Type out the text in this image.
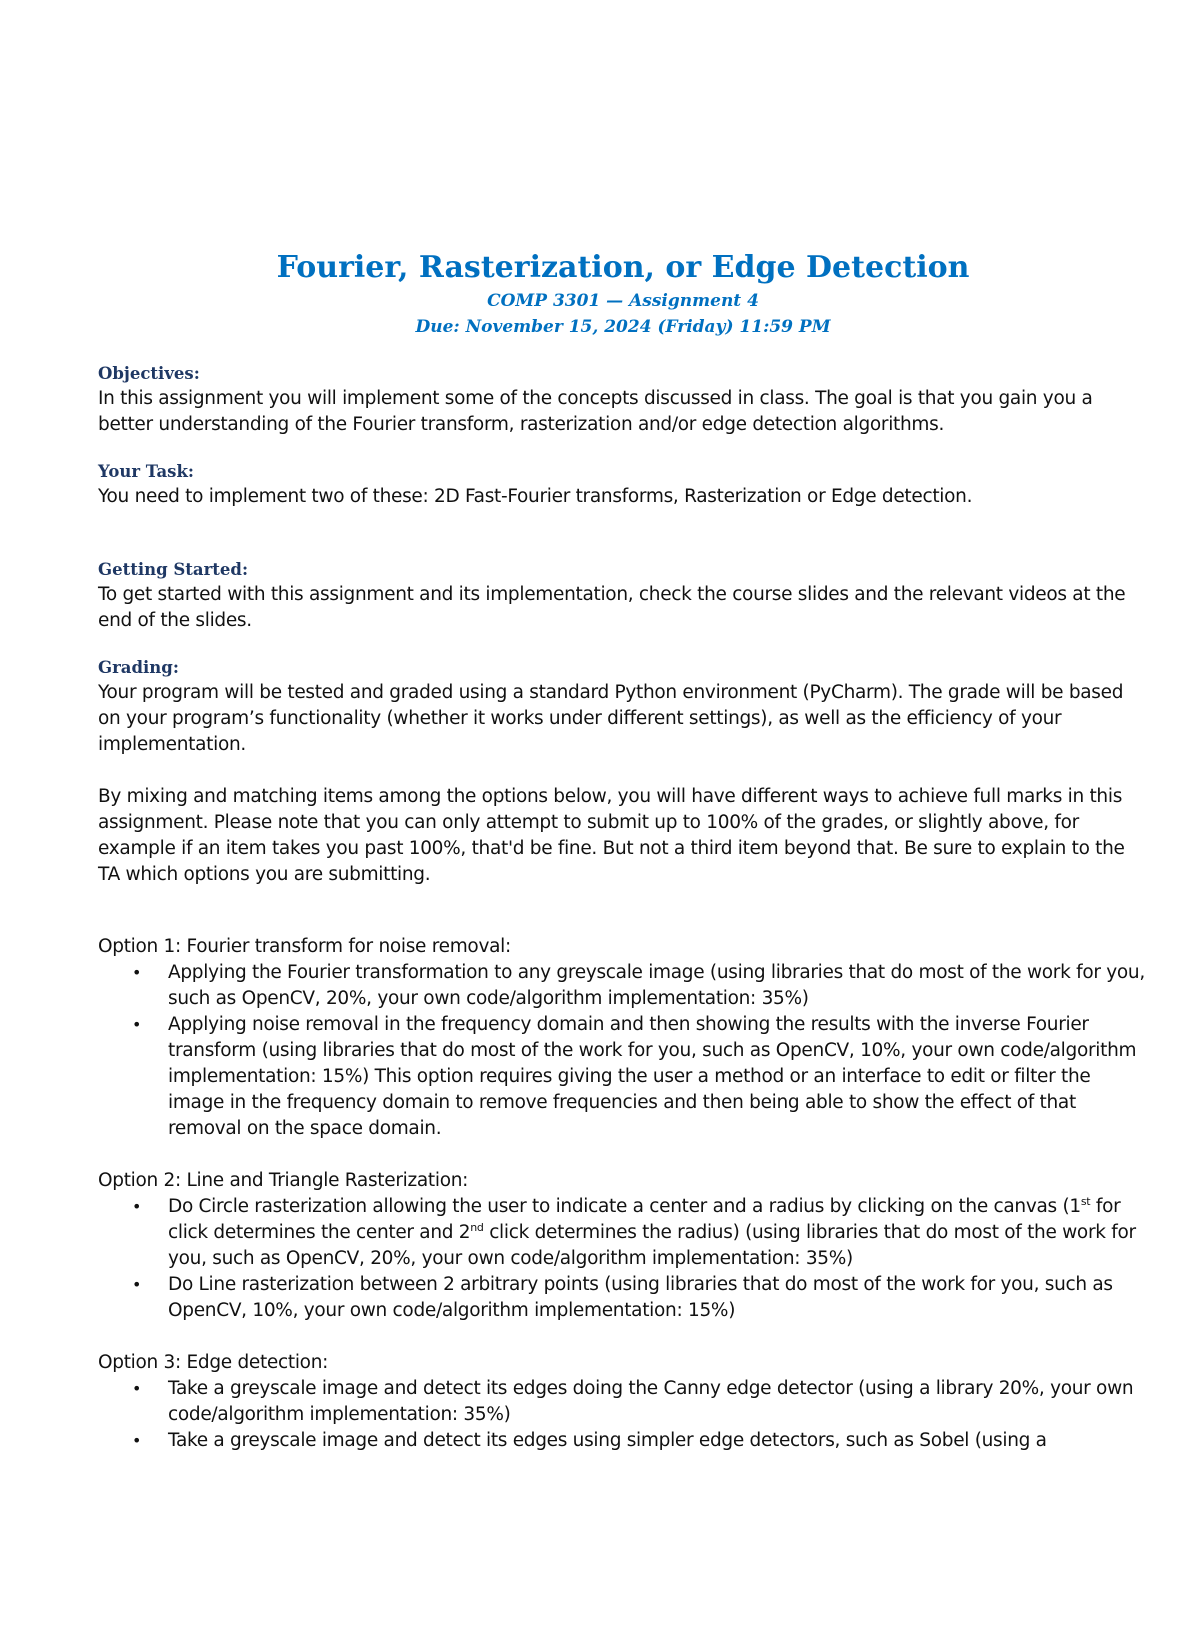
Fourier, Rasterization, or Edge Detection

COMP 3301 — Assignment 4

Due: November 15, 2024 (Friday) 11:59 PM

Objectives:

In this assignment you will implement some of the concepts discussed in class. The goal is that you gain you a better understanding of the Fourier transform, rasterization and/or edge detection algorithms.

Your Task:

You need to implement two of these: 2D Fast-Fourier transforms, Rasterization or Edge detection.

Getting Started:

To get started with this assignment and its implementation, check the course slides and the relevant videos at the end of the slides.

Grading:

Your program will be tested and graded using a standard Python environment (PyCharm). The grade will be based on your program’s functionality (whether it works under different settings), as well as the efficiency of your implementation.

By mixing and matching items among the options below, you will have different ways to achieve full marks in this assignment. Please note that you can only attempt to submit up to 100% of the grades, or slightly above, for example if an item takes you past 100%, that'd be fine. But not a third item beyond that. Be sure to explain to the TA which options you are submitting.

Option 1: Fourier transform for noise removal:

• Applying the Fourier transformation to any greyscale image (using libraries that do most of the work for you, such as OpenCV, 20%, your own code/algorithm implementation: 35%)
• Applying noise removal in the frequency domain and then showing the results with the inverse Fourier transform (using libraries that do most of the work for you, such as OpenCV, 10%, your own code/algorithm implementation: 15%) This option requires giving the user a method or an interface to edit or filter the image in the frequency domain to remove frequencies and then being able to show the effect of that removal on the space domain.

Option 2: Line and Triangle Rasterization:

• Do Circle rasterization allowing the user to indicate a center and a radius by clicking on the canvas (1st for click determines the center and 2nd click determines the radius) (using libraries that do most of the work for you, such as OpenCV, 20%, your own code/algorithm implementation: 35%)
• Do Line rasterization between 2 arbitrary points (using libraries that do most of the work for you, such as OpenCV, 10%, your own code/algorithm implementation: 15%)

Option 3: Edge detection:

• Take a greyscale image and detect its edges doing the Canny edge detector (using a library 20%, your own code/algorithm implementation: 35%)
• Take a greyscale image and detect its edges using simpler edge detectors, such as Sobel (using a
